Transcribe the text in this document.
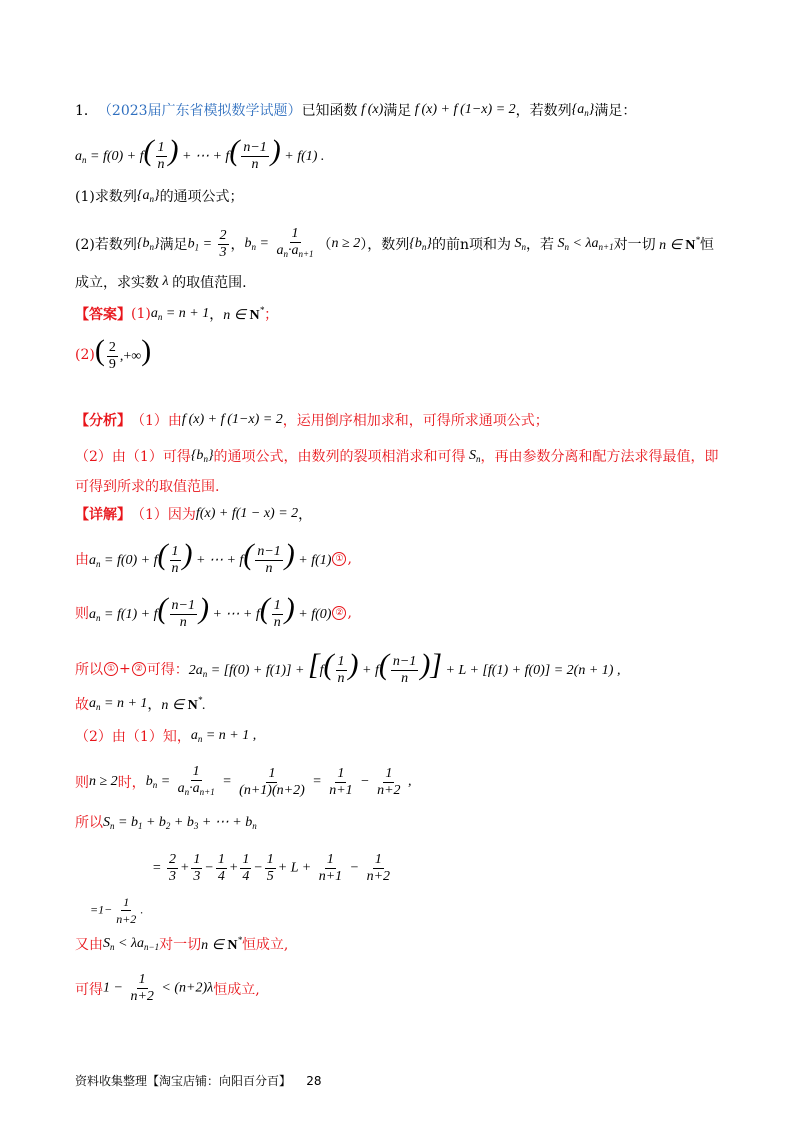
1． （2023届广东省模拟数学试题） 已知函数 f (x) 满足 f (x) + f (1−x) = 2 ，若数列 $\{a_n\}$ 满足：
$a_n = f(0) + f( \frac{1}{n}$ ) + ⋯ + $f( \frac{n-1}{n}$ ) + f(1) .
(1)求数列 $\{a_n\}$ 的通项公式；
(2)若数列 $\{b_n\}$ 满足 $b_1 = \frac{2}{3}$ ， $b_n = \frac{1}{a_n\cdot a_{n+1}}$ （ n ≥ 2 ），数列 $\{b_n\}$ 的前n项和为 $S_n$ ，若 $S_n < \lambda a_{n+1}$ 对一切 n ∈ N* 恒
成立，求实数 λ 的取值范围.
【答案】 (1) $a_n = n + 1$ ， n ∈ N* ；
(2) ( $\frac{2}{9}$ ,+∞)
【分析】 （1）由 f (x) + f (1−x) = 2 ，运用倒序相加求和，可得所求通项公式；
（2）由（1）可得 $\{b_n\}$ 的通项公式，由数列的裂项相消求和可得 $S_n$ ，再由参数分离和配方法求得最值，即
可得到所求的取值范围.
【详解】 （1）因为 f(x) + f(1 − x) = 2 ，
由 $a_n = f(0) + f( \frac{1}{n}$ ) + ⋯ + $f( \frac{n-1}{n}$ ) + f(1) ① ,
则 $a_n = f(1) + f( \frac{n-1}{n}$ ) + ⋯ + $f( \frac{1}{n}$ ) + f(0) ② ,
所以 ① + ② 可得： $2a_n = [f(0) + f(1)] + [f( \frac{1}{n}$ ) + $f( \frac{n-1}{n}$ )] + L + [f(1) + f(0)] = 2(n + 1) ,
故 $a_n = n + 1$ ， n ∈ N*.
（2）由（1）知， $a_n = n + 1$ ,
则 n ≥ 2 时， $b_n = \frac{1}{a_n\cdot a_{n+1}} = \frac{1}{(n+1)(n+2)} = \frac{1}{n+1} - \frac{1}{n+2}$ ,
所以 $S_n = b_1 + b_2 + b_3$ + ⋯ + $b_n$
= $\frac{2}{3} + \frac{1}{3} - \frac{1}{4} + \frac{1}{4} - \frac{1}{5} + L + \frac{1}{n+1} - \frac{1}{n+2}$
$=1- \frac{1}{n+2}$ .
又由 $S_n < \lambda a_{n-1}$ 对一切 n ∈ N* 恒成立,
可得 $1 - \frac{1}{n+2} < (n+2)\lambda$ 恒成立,
资料收集整理【淘宝店铺：向阳百分百】 28
